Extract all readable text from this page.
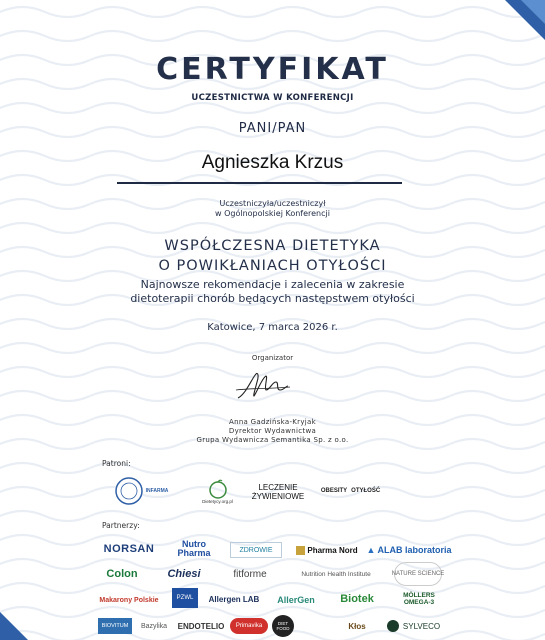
CERTYFIKAT
UCZESTNICTWA W KONFERENCJI
PANI/PAN
Agnieszka Krzus
Uczestniczyła/uczestniczył
w Ogólnopolskiej Konferencji
WSPÓŁCZESNA DIETETYKA
O POWIKŁANIACH OTYŁOŚCI
Najnowsze rekomendacje i zalecenia w zakresie
dietoterapii chorób będących następstwem otyłości
Katowice, 7 marca 2026 r.
Organizator
Anna Gadzińska-Kryjak
Dyrektor Wydawnictwa
Grupa Wydawnicza Semantika Sp. z o.o.
Patroni:
INFARMA
Dietetycy.org.pl
LECZENIE
ŻYWIENIOWE
OBESITY OTYŁOŚĆ
Partnerzy:
NORSAN	Nutro Pharma	ZDROWIE	Pharma Nord ▲ ALAB laboratoria
Colon	Chiesi	fitforme	Nutrition Health Institute	NATURE SCIENCE
Makarony Polskie	PZWL	Allergen LAB	AllerGen	Biotek	MÖLLERS OMEGA-3
BIOVITUM	Bazylika	ENDOTELIO	Primavika	DIET FOOD	Kłos	SYLVECO
